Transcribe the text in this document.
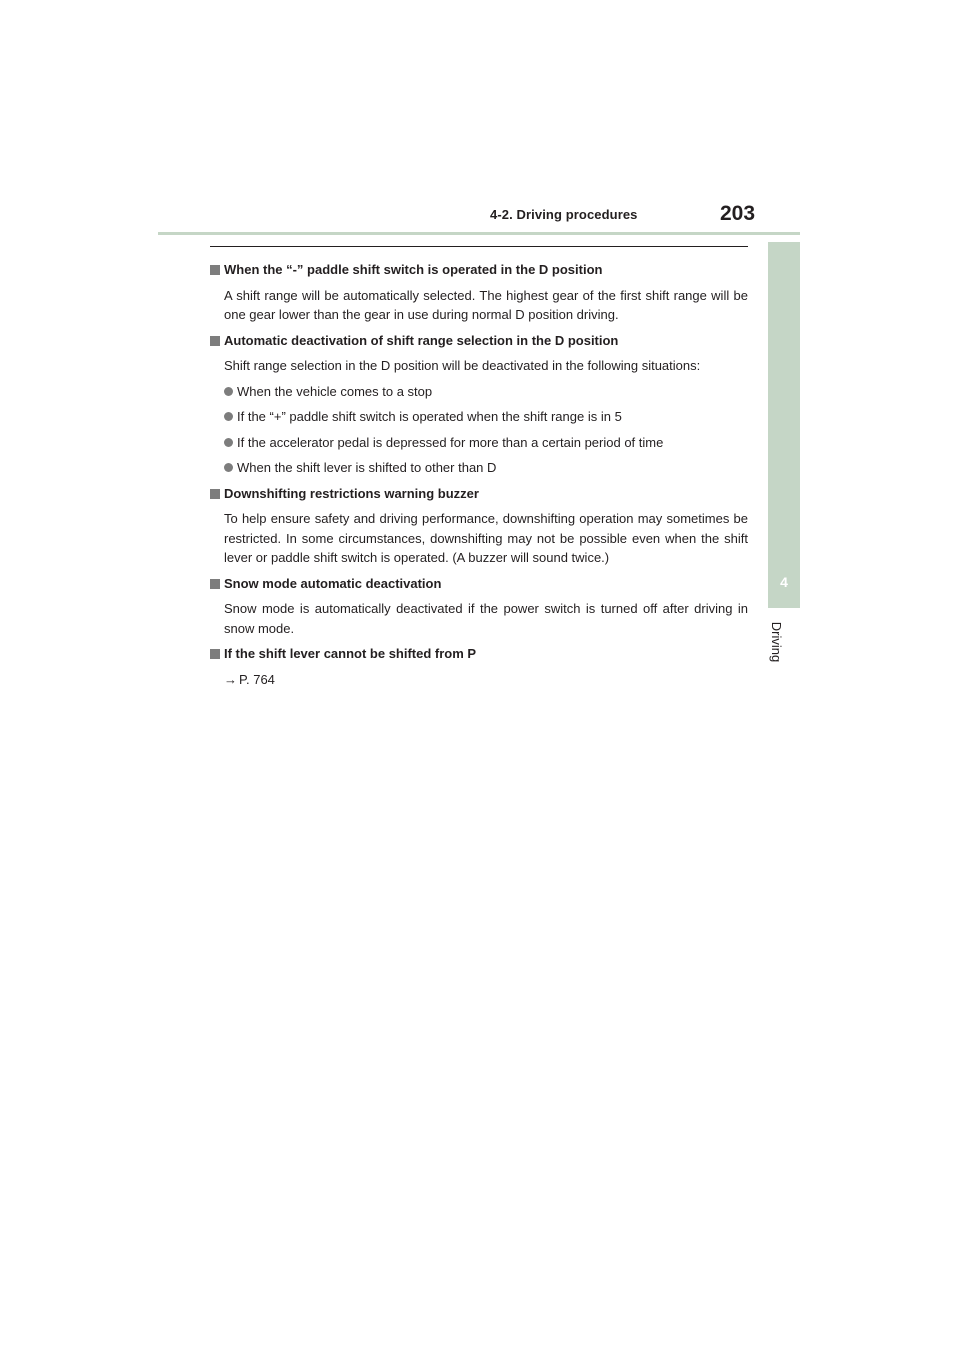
4-2. Driving procedures	203
4
Driving
When the “-” paddle shift switch is operated in the D position
A shift range will be automatically selected. The highest gear of the first shift range will be one gear lower than the gear in use during normal D position driving.
Automatic deactivation of shift range selection in the D position
Shift range selection in the D position will be deactivated in the following situations:
When the vehicle comes to a stop
If the “+” paddle shift switch is operated when the shift range is in 5
If the accelerator pedal is depressed for more than a certain period of time
When the shift lever is shifted to other than D
Downshifting restrictions warning buzzer
To help ensure safety and driving performance, downshifting operation may sometimes be restricted. In some circumstances, downshifting may not be possible even when the shift lever or paddle shift switch is operated. (A buzzer will sound twice.)
Snow mode automatic deactivation
Snow mode is automatically deactivated if the power switch is turned off after driving in snow mode.
If the shift lever cannot be shifted from P
→ P. 764
